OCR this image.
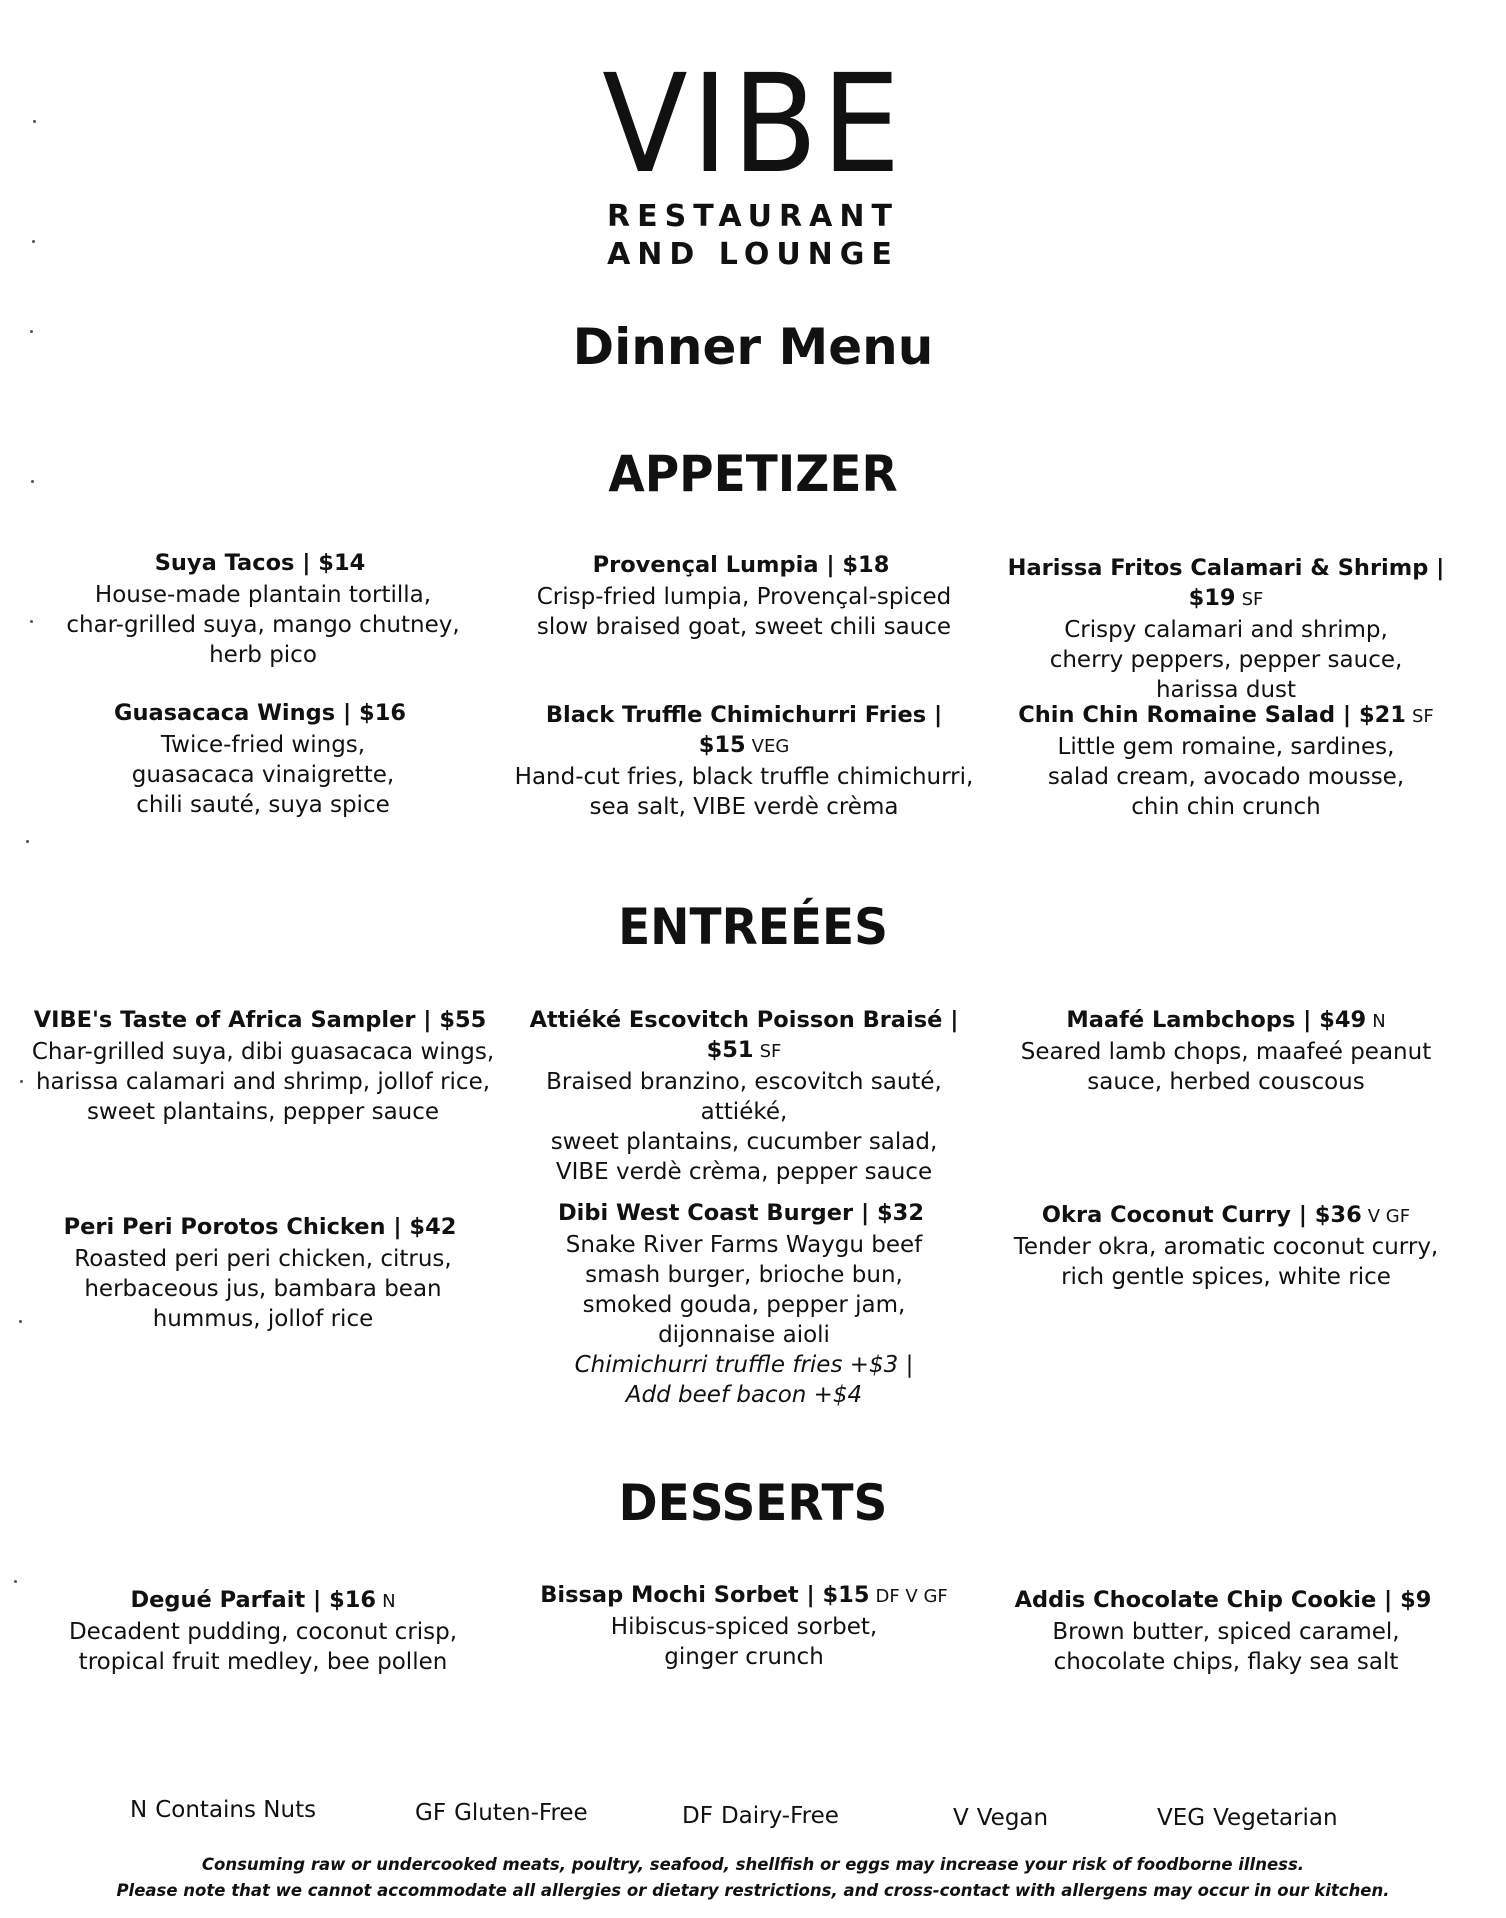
VIBE
RESTAURANT
AND LOUNGE
Dinner Menu
APPETIZER
Suya Tacos | $14
House-made plantain tortilla,
char-grilled suya, mango chutney,
herb pico
Provençal Lumpia | $18
Crisp-fried lumpia, Provençal-spiced
slow braised goat, sweet chili sauce
Harissa Fritos Calamari & Shrimp | $19 SF
Crispy calamari and shrimp,
cherry peppers, pepper sauce,
harissa dust
Guasacaca Wings | $16
Twice-fried wings,
guasacaca vinaigrette,
chili sauté, suya spice
Black Truffle Chimichurri Fries | $15 VEG
Hand-cut fries, black truffle chimichurri,
sea salt, VIBE verdè crèma
Chin Chin Romaine Salad | $21 SF
Little gem romaine, sardines,
salad cream, avocado mousse,
chin chin crunch
ENTREÉES
VIBE's Taste of Africa Sampler | $55
Char-grilled suya, dibi guasacaca wings,
harissa calamari and shrimp, jollof rice,
sweet plantains, pepper sauce
Attiéké Escovitch Poisson Braisé | $51 SF
Braised branzino, escovitch sauté, attiéké,
sweet plantains, cucumber salad,
VIBE verdè crèma, pepper sauce
Maafé Lambchops | $49 N
Seared lamb chops, maafeé peanut
sauce, herbed couscous
Peri Peri Porotos Chicken | $42
Roasted peri peri chicken, citrus,
herbaceous jus, bambara bean
hummus, jollof rice
Dibi West Coast Burger | $32
Snake River Farms Waygu beef
smash burger, brioche bun,
smoked gouda, pepper jam,
dijonnaise aioli
Chimichurri truffle fries +$3 |
Add beef bacon +$4
Okra Coconut Curry | $36 V GF
Tender okra, aromatic coconut curry,
rich gentle spices, white rice
DESSERTS
Degué Parfait | $16 N
Decadent pudding, coconut crisp,
tropical fruit medley, bee pollen
Bissap Mochi Sorbet | $15 DF V GF
Hibiscus-spiced sorbet,
ginger crunch
Addis Chocolate Chip Cookie | $9
Brown butter, spiced caramel,
chocolate chips, flaky sea salt
N Contains Nuts	GF Gluten-Free	DF Dairy-Free	V Vegan	VEG Vegetarian
Consuming raw or undercooked meats, poultry, seafood, shellfish or eggs may increase your risk of foodborne illness.
Please note that we cannot accommodate all allergies or dietary restrictions, and cross-contact with allergens may occur in our kitchen.
